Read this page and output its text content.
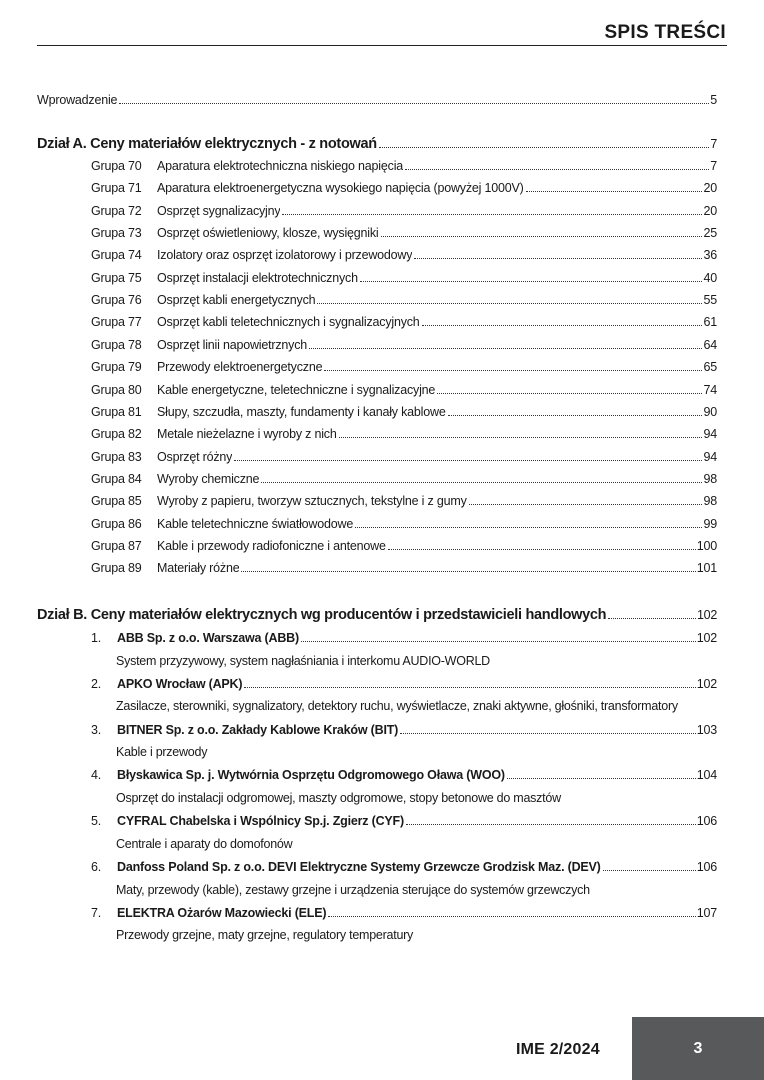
SPIS TREŚCI
Wprowadzenie	5
Dział A. Ceny materiałów elektrycznych - z notowań	7
Grupa 70	Aparatura elektrotechniczna niskiego napięcia	7
Grupa 71	Aparatura elektroenergetyczna wysokiego napięcia (powyżej 1000V)	20
Grupa 72	Osprzęt sygnalizacyjny	20
Grupa 73	Osprzęt oświetleniowy, klosze, wysięgniki	25
Grupa 74	Izolatory oraz osprzęt izolatorowy i przewodowy	36
Grupa 75	Osprzęt instalacji elektrotechnicznych	40
Grupa 76	Osprzęt kabli energetycznych	55
Grupa 77	Osprzęt kabli teletechnicznych i sygnalizacyjnych	61
Grupa 78	Osprzęt linii napowietrznych	64
Grupa 79	Przewody elektroenergetyczne	65
Grupa 80	Kable energetyczne, teletechniczne i sygnalizacyjne	74
Grupa 81	Słupy, szczudła, maszty, fundamenty i kanały kablowe	90
Grupa 82	Metale nieżelazne i wyroby z nich	94
Grupa 83	Osprzęt różny	94
Grupa 84	Wyroby chemiczne	98
Grupa 85	Wyroby z papieru, tworzyw sztucznych, tekstylne i z gumy	98
Grupa 86	Kable teletechniczne światłowodowe	99
Grupa 87	Kable i przewody radiofoniczne i antenowe	100
Grupa 89	Materiały różne	101
Dział B. Ceny materiałów elektrycznych wg producentów i przedstawicieli handlowych	102
1.	ABB Sp. z o.o. Warszawa (ABB)	102
System przyzywowy, system nagłaśniania i interkomu AUDIO-WORLD
2.	APKO Wrocław (APK)	102
Zasilacze, sterowniki, sygnalizatory, detektory ruchu, wyświetlacze, znaki aktywne, głośniki, transformatory
3.	BITNER Sp. z o.o. Zakłady Kablowe Kraków (BIT)	103
Kable i przewody
4.	Błyskawica Sp. j. Wytwórnia Osprzętu Odgromowego Oława (WOO)	104
Osprzęt do instalacji odgromowej, maszty odgromowe, stopy betonowe do masztów
5.	CYFRAL Chabelska i Wspólnicy Sp.j. Zgierz (CYF)	106
Centrale i aparaty do domofonów
6.	Danfoss Poland Sp. z o.o. DEVI Elektryczne Systemy Grzewcze Grodzisk Maz. (DEV)	106
Maty, przewody (kable), zestawy grzejne i urządzenia sterujące do systemów grzewczych
7.	ELEKTRA Ożarów Mazowiecki (ELE)	107
Przewody grzejne, maty grzejne, regulatory temperatury
IME 2/2024	3
